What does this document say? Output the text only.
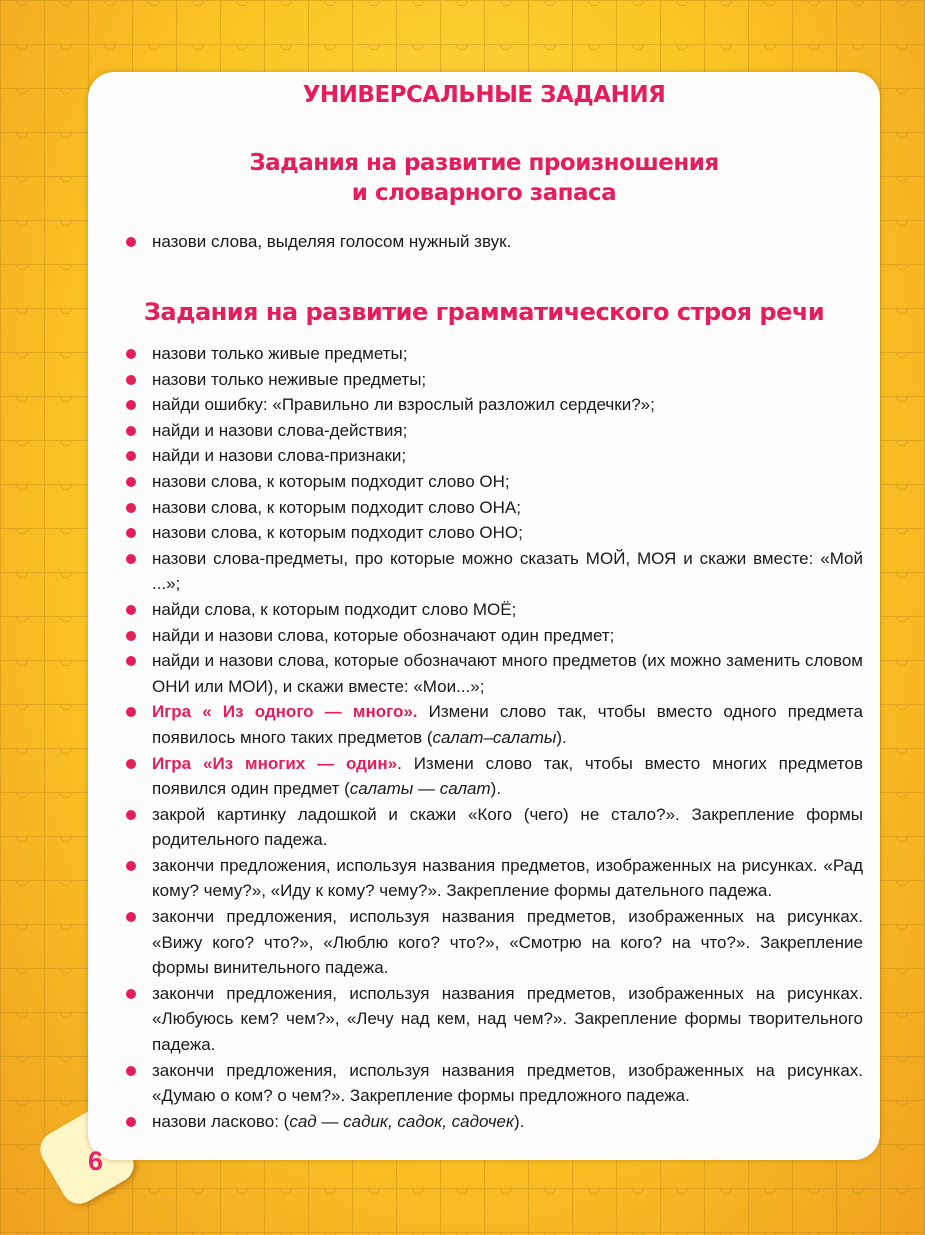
УНИВЕРСАЛЬНЫЕ ЗАДАНИЯ
Задания на развитие произношения
и словарного запаса
назови слова, выделяя голосом нужный звук.
Задания на развитие грамматического строя речи
назови только живые предметы;
назови только неживые предметы;
найди ошибку: «Правильно ли взрослый разложил сердечки?»;
найди и назови слова-действия;
найди и назови слова-признаки;
назови слова, к которым подходит слово ОН;
назови слова, к которым подходит слово ОНА;
назови слова, к которым подходит слово ОНО;
назови слова-предметы, про которые можно сказать МОЙ, МОЯ и скажи вместе: «Мой ...»;
найди слова, к которым подходит слово МОЁ;
найди и назови слова, которые обозначают один предмет;
найди и назови слова, которые обозначают много предметов (их можно заменить словом ОНИ или МОИ), и скажи вместе: «Мои...»;
Игра « Из одного — много». Измени слово так, чтобы вместо одного предмета появилось много таких предметов (салат–салаты).
Игра «Из многих — один». Измени слово так, чтобы вместо многих предметов появился один предмет (салаты — салат).
закрой картинку ладошкой и скажи «Кого (чего) не стало?». Закрепление формы родительного падежа.
закончи предложения, используя названия предметов, изображенных на рисунках. «Рад кому? чему?», «Иду к кому? чему?». Закрепление формы дательного падежа.
закончи предложения, используя названия предметов, изображенных на рисунках. «Вижу кого? что?», «Люблю кого? что?», «Смотрю на кого? на что?». Закрепление формы винительного падежа.
закончи предложения, используя названия предметов, изображенных на рисунках. «Любуюсь кем? чем?», «Лечу над кем, над чем?». Закрепление формы творительного падежа.
закончи предложения, используя названия предметов, изображенных на рисунках. «Думаю о ком? о чем?». Закрепление формы предложного падежа.
назови ласково: (сад — садик, садок, садочек).
6
